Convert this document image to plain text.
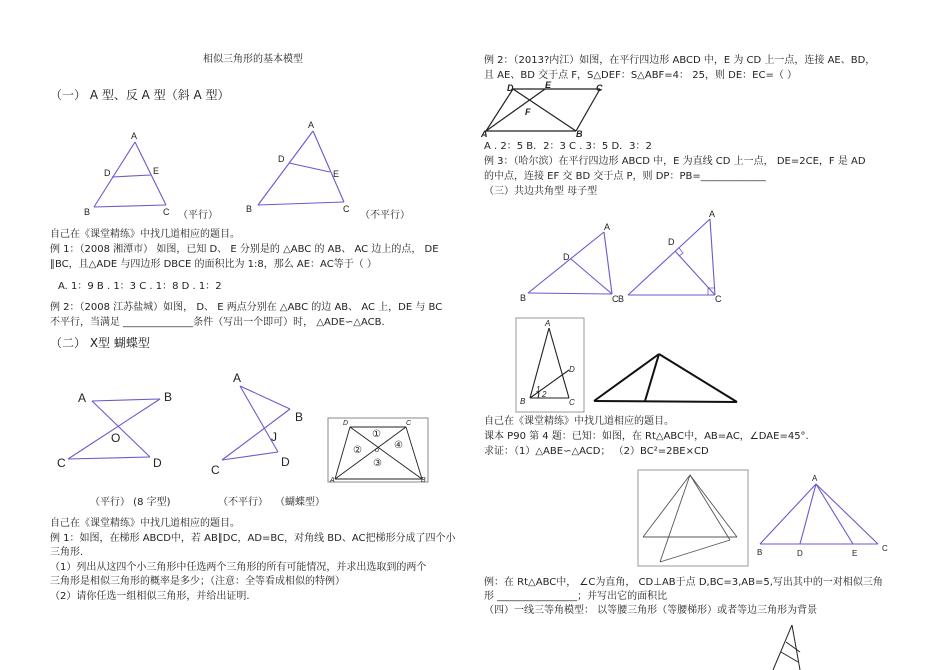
相似三角形的基本模型
（一） A 型、反 A 型（斜 A 型）
（平行）	（不平行）
自己在《课堂精练》中找几道相应的题目。
例 1：（2008 湘潭市） 如图，已知 D、 E 分别是的 △ABC 的 AB、 AC 边上的点， DE
∥BC，且△ADE 与四边形 DBCE 的面积比为 1:8，那么 AE：AC等于（ ）
A. 1：9 B . 1：3 C . 1：8 D . 1：2
例 2：（2008 江苏盐城）如图， D、 E 两点分别在 △ABC 的边 AB、 AC 上，DE 与 BC
不平行，当满足 ______________条件（写出一个即可）时， △ADE∽△ACB.
（二） X型 蝴蝶型
（平行） (8 字型)	（不平行） （蝴蝶型）
自己在《课堂精练》中找几道相应的题目。
例 1：如图，在梯形 ABCD中，若 AB∥DC，AD=BC，对角线 BD、AC把梯形分成了四个小
三角形.
（1）列出从这四个小三角形中任选两个三角形的所有可能情况，并求出选取到的两个
三角形是相似三角形的概率是多少；（注意：全等看成相似的特例）
（2）请你任选一组相似三角形，并给出证明.
例 2：（2013?内江）如图，在平行四边形 ABCD 中，E 为 CD 上一点，连接 AE、BD，
且 AE、BD 交于点 F，S△DEF：S△ABF=4： 25，则 DE：EC=（ ）
A . 2：5 B．2：3 C . 3：5 D．3：2
例 3：（哈尔滨）在平行四边形 ABCD 中，E 为直线 CD 上一点， DE=2CE，F 是 AD
的中点，连接 EF 交 BD 交于点 P，则 DP：PB=_____________
（三）共边共角型 母子型
自己在《课堂精练》中找几道相应的题目。
课本 P90 第 4 题：已知：如图，在 Rt△ABC中，AB=AC，∠DAE=45°.
求证：（1）△ABE∽△ACD； （2）BC²=2BE×CD
例：在 Rt△ABC中， ∠C为直角， CD⊥AB于点 D,BC=3,AB=5,写出其中的一对相似三角
形 ________________；并写出它的面积比
（四）一线三等角模型： 以等腰三角形（等腰梯形）或者等边三角形为背景
A
D	E
B	C
A
D
E
B	C
A	B
O
C	D
A
B
J
C
D
D	C
A	B
o
①
②
③
④
D	E	C
F
A	B
A
D
B	C
A
D
B	C
A
D
B	C
1
2
A
B	D	E
C
